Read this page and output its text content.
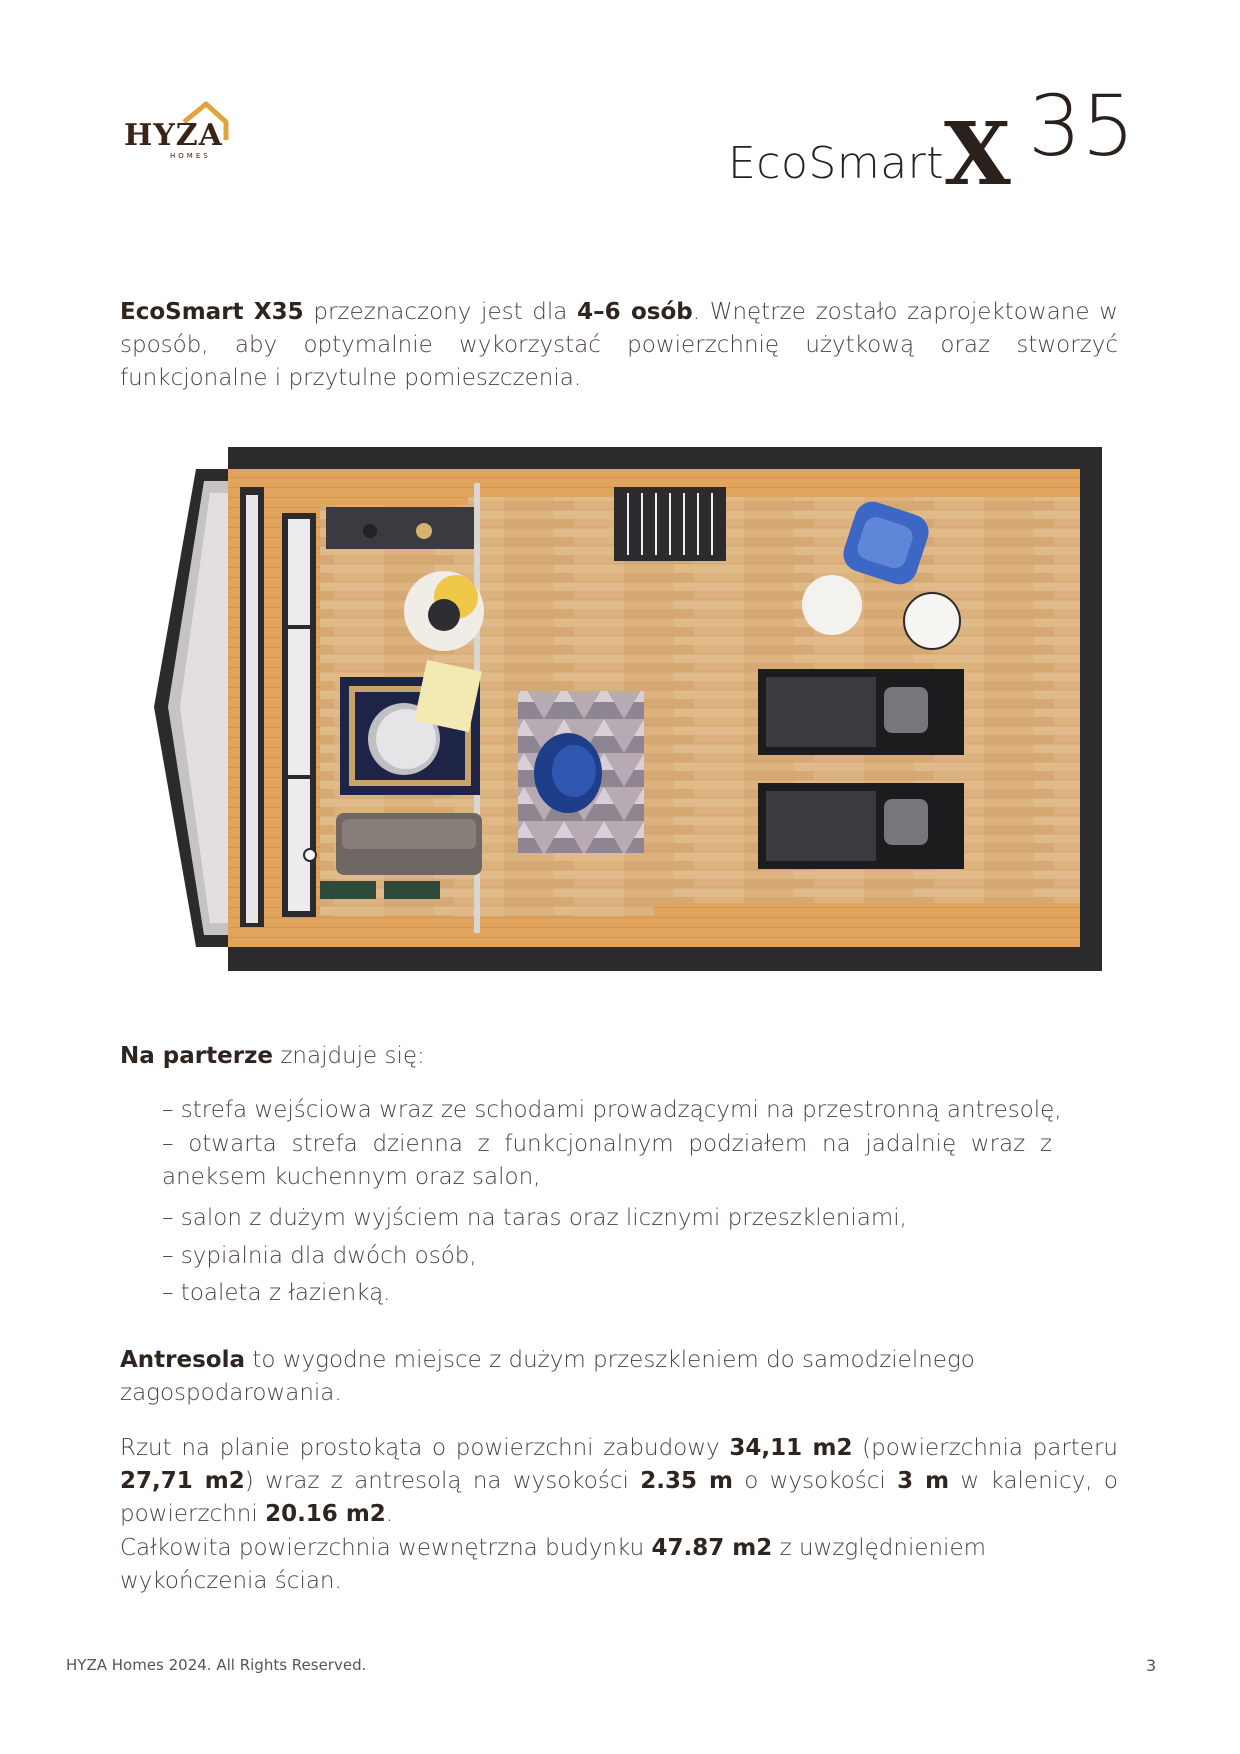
HYZA
HOMES	EcoSmart X 35
EcoSmart X35 przeznaczony jest dla 4–6 osób. Wnętrze zostało zaprojektowane w sposób, aby optymalnie wykorzystać powierzchnię użytkową oraz stworzyć funkcjonalne i przytulne pomieszczenia.
Na parterze znajduje się:
– strefa wejściowa wraz ze schodami prowadzącymi na przestronną antresolę,
– otwarta strefa dzienna z funkcjonalnym podziałem na jadalnię wraz z aneksem kuchennym oraz salon,
– salon z dużym wyjściem na taras oraz licznymi przeszkleniami,
– sypialnia dla dwóch osób,
– toaleta z łazienką.
Antresola to wygodne miejsce z dużym przeszkleniem do samodzielnego zagospodarowania.
Rzut na planie prostokąta o powierzchni zabudowy 34,11 m2 (powierzchnia parteru 27,71 m2) wraz z antresolą na wysokości 2.35 m o wysokości 3 m w kalenicy, o powierzchni 20.16 m2.
Całkowita powierzchnia wewnętrzna budynku 47.87 m2 z uwzględnieniem wykończenia ścian.
HYZA Homes 2024. All Rights Reserved.	3
